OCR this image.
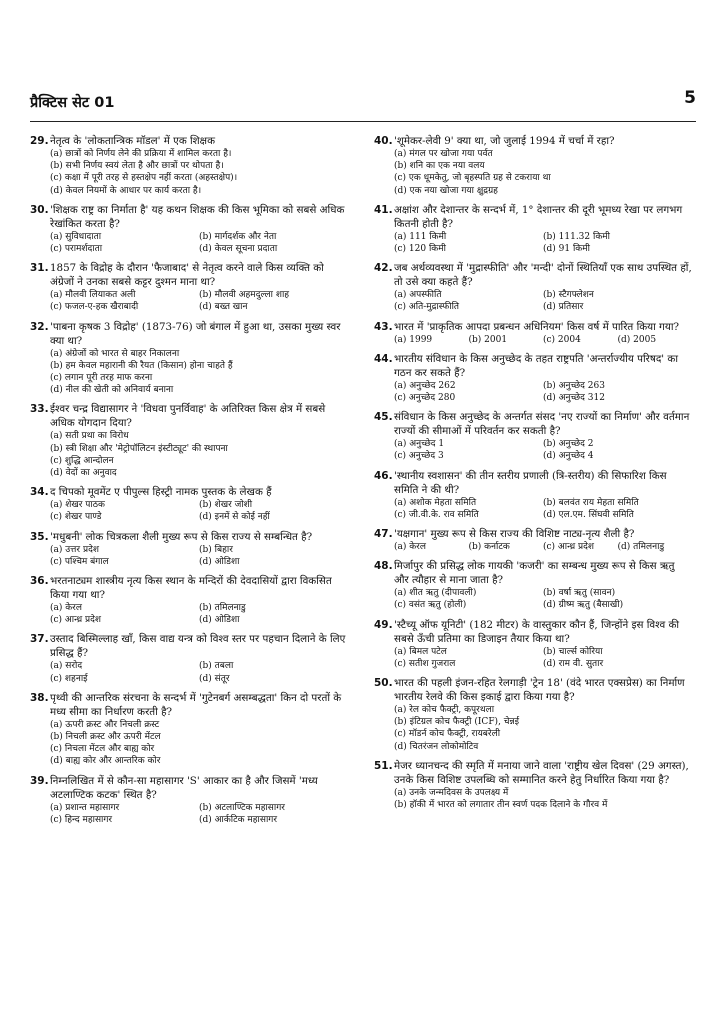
प्रैक्टिस सेट 01	5
29. नेतृत्व के 'लोकतान्त्रिक मॉडल' में एक शिक्षक
(a) छात्रों को निर्णय लेने की प्रक्रिया में शामिल करता है।
(b) सभी निर्णय स्वयं लेता है और छात्रों पर थोपता है।
(c) कक्षा में पूरी तरह से हस्तक्षेप नहीं करता (अहस्तक्षेप)।
(d) केवल नियमों के आधार पर कार्य करता है।
30. 'शिक्षक राष्ट्र का निर्माता है' यह कथन शिक्षक की किस भूमिका को सबसे अधिक रेखांकित करता है?
(a) सुविधादाता	(b) मार्गदर्शक और नेता
(c) परामर्शदाता	(d) केवल सूचना प्रदाता
31. 1857 के विद्रोह के दौरान 'फैजाबाद' से नेतृत्व करने वाले किस व्यक्ति को अंग्रेजों ने उनका सबसे कट्टर दुश्मन माना था?
(a) मौलवी लियाकत अली	(b) मौलवी अहमदुल्ला शाह
(c) फजल-ए-हक खैराबादी	(d) बख्त खान
32. 'पाबना कृषक 3 विद्रोह' (1873-76) जो बंगाल में हुआ था, उसका मुख्य स्वर क्या था?
(a) अंग्रेजों को भारत से बाहर निकालना
(b) हम केवल महारानी की रैयत (किसान) होना चाहते हैं
(c) लगान पूरी तरह माफ करना
(d) नील की खेती को अनिवार्य बनाना
33. ईश्वर चन्द्र विद्यासागर ने 'विधवा पुनर्विवाह' के अतिरिक्त किस क्षेत्र में सबसे अधिक योगदान दिया?
(a) सती प्रथा का विरोध
(b) स्त्री शिक्षा और 'मेट्रोपॉलिटन इंस्टीट्यूट' की स्थापना
(c) शुद्धि आन्दोलन
(d) वेदों का अनुवाद
34. द चिपको मूवमेंट ए पीपुल्स हिस्ट्री नामक पुस्तक के लेखक हैं
(a) शेखर पाठक	(b) शेखर जोशी
(c) शेखर पाण्डे	(d) इनमें से कोई नहीं
35. 'मधुबनी' लोक चित्रकला शैली मुख्य रूप से किस राज्य से सम्बन्धित है?
(a) उत्तर प्रदेश	(b) बिहार
(c) पश्चिम बंगाल	(d) ओडिशा
36. भरतनाट्यम शास्त्रीय नृत्य किस स्थान के मन्दिरों की देवदासियों द्वारा विकसित किया गया था?
(a) केरल	(b) तमिलनाडु
(c) आन्ध्र प्रदेश	(d) ओडिशा
37. उस्ताद बिस्मिल्लाह खाँ, किस वाद्य यन्त्र को विश्व स्तर पर पहचान दिलाने के लिए प्रसिद्ध हैं?
(a) सरोद	(b) तबला
(c) शहनाई	(d) संतूर
38. पृथ्वी की आन्तरिक संरचना के सन्दर्भ में 'गुटेनबर्ग असम्बद्धता' किन दो परतों के मध्य सीमा का निर्धारण करती है?
(a) ऊपरी क्रस्ट और निचली क्रस्ट
(b) निचली क्रस्ट और ऊपरी मेंटल
(c) निचला मेंटल और बाह्य कोर
(d) बाह्य कोर और आन्तरिक कोर
39. निम्नलिखित में से कौन-सा महासागर 'S' आकार का है और जिसमें 'मध्य अटलाण्टिक कटक' स्थित है?
(a) प्रशान्त महासागर	(b) अटलाण्टिक महासागर
(c) हिन्द महासागर	(d) आर्कटिक महासागर
40. 'शूमेकर-लेवी 9' क्या था, जो जुलाई 1994 में चर्चा में रहा?
(a) मंगल पर खोजा गया पर्वत
(b) शनि का एक नया वलय
(c) एक धूमकेतु, जो बृहस्पति ग्रह से टकराया था
(d) एक नया खोजा गया क्षुद्रग्रह
41. अक्षांश और देशान्तर के सन्दर्भ में, 1° देशान्तर की दूरी भूमध्य रेखा पर लगभग कितनी होती है?
(a) 111 किमी	(b) 111.32 किमी
(c) 120 किमी	(d) 91 किमी
42. जब अर्थव्यवस्था में 'मुद्रास्फीति' और 'मन्दी' दोनों स्थितियाँ एक साथ उपस्थित हों, तो उसे क्या कहते हैं?
(a) अपस्फीति	(b) स्टैगफ्लेशन
(c) अति-मुद्रास्फीति	(d) प्रतिसार
43. भारत में 'प्राकृतिक आपदा प्रबन्धन अधिनियम' किस वर्ष में पारित किया गया?
(a) 1999	(b) 2001	(c) 2004	(d) 2005
44. भारतीय संविधान के किस अनुच्छेद के तहत राष्ट्रपति 'अन्तर्राज्यीय परिषद' का गठन कर सकते हैं?
(a) अनुच्छेद 262	(b) अनुच्छेद 263
(c) अनुच्छेद 280	(d) अनुच्छेद 312
45. संविधान के किस अनुच्छेद के अन्तर्गत संसद 'नए राज्यों का निर्माण' और वर्तमान राज्यों की सीमाओं में परिवर्तन कर सकती है?
(a) अनुच्छेद 1	(b) अनुच्छेद 2
(c) अनुच्छेद 3	(d) अनुच्छेद 4
46. 'स्थानीय स्वशासन' की तीन स्तरीय प्रणाली (त्रि-स्तरीय) की सिफारिश किस समिति ने की थी?
(a) अशोक मेहता समिति	(b) बलवंत राय मेहता समिति
(c) जी.वी.के. राव समिति	(d) एल.एम. सिंघवी समिति
47. 'यक्षगान' मुख्य रूप से किस राज्य की विशिष्ट नाट्य-नृत्य शैली है?
(a) केरल	(b) कर्नाटक	(c) आन्ध्र प्रदेश	(d) तमिलनाडु
48. मिर्जापुर की प्रसिद्ध लोक गायकी 'कजरी' का सम्बन्ध मुख्य रूप से किस ऋतु और त्यौहार से माना जाता है?
(a) शीत ऋतु (दीपावली)	(b) वर्षा ऋतु (सावन)
(c) वसंत ऋतु (होली)	(d) ग्रीष्म ऋतु (बैसाखी)
49. 'स्टैच्यू ऑफ यूनिटी' (182 मीटर) के वास्तुकार कौन हैं, जिन्होंने इस विश्व की सबसे ऊँची प्रतिमा का डिजाइन तैयार किया था?
(a) बिमल पटेल	(b) चार्ल्स कोरिया
(c) सतीश गुजराल	(d) राम वी. सुतार
50. भारत की पहली इंजन-रहित रेलगाड़ी 'ट्रेन 18' (वंदे भारत एक्सप्रेस) का निर्माण भारतीय रेलवे की किस इकाई द्वारा किया गया है?
(a) रेल कोच फैक्ट्री, कपूरथला
(b) इंटिग्रल कोच फैक्ट्री (ICF), चेन्नई
(c) मॉडर्न कोच फैक्ट्री, रायबरेली
(d) चितरंजन लोकोमोटिव
51. मेजर ध्यानचन्द की स्मृति में मनाया जाने वाला 'राष्ट्रीय खेल दिवस' (29 अगस्त), उनके किस विशिष्ट उपलब्धि को सम्मानित करने हेतु निर्धारित किया गया है?
(a) उनके जन्मदिवस के उपलक्ष्य में
(b) हॉकी में भारत को लगातार तीन स्वर्ण पदक दिलाने के गौरव में
